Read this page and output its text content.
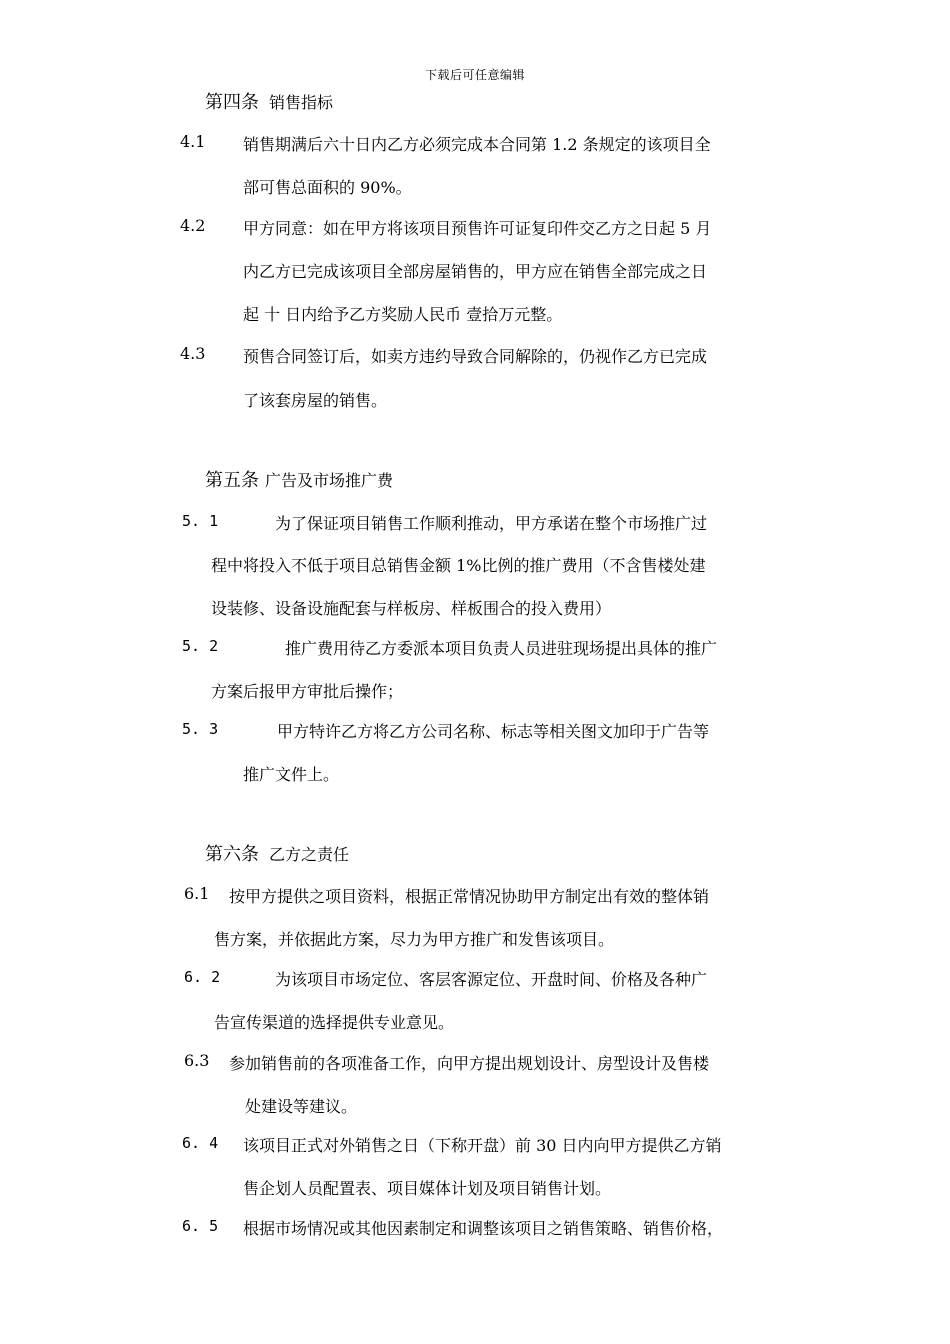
下载后可任意编辑
第四条 销售指标
4.1 销售期满后六十日内乙方必须完成本合同第 1.2 条规定的该项目全
部可售总面积的 90%。
4.2 甲方同意：如在甲方将该项目预售许可证复印件交乙方之日起 5 月
内乙方已完成该项目全部房屋销售的，甲方应在销售全部完成之日
起 十 日内给予乙方奖励人民币 壹拾万元整。
4.3 预售合同签订后，如卖方违约导致合同解除的，仍视作乙方已完成
了该套房屋的销售。
第五条 广告及市场推广费
5. 1	为了保证项目销售工作顺利推动，甲方承诺在整个市场推广过
程中将投入不低于项目总销售金额 1%比例的推广费用（不含售楼处建
设装修、设备设施配套与样板房、样板围合的投入费用）
5. 2	推广费用待乙方委派本项目负责人员进驻现场提出具体的推广
方案后报甲方审批后操作；
5. 3	甲方特许乙方将乙方公司名称、标志等相关图文加印于广告等
推广文件上。
第六条 乙方之责任
6.1 按甲方提供之项目资料，根据正常情况协助甲方制定出有效的整体销
售方案，并依据此方案，尽力为甲方推广和发售该项目。
6. 2	为该项目市场定位、客层客源定位、开盘时间、价格及各种广
告宣传渠道的选择提供专业意见。
6.3 参加销售前的各项准备工作，向甲方提出规划设计、房型设计及售楼
处建设等建议。
6. 4 该项目正式对外销售之日（下称开盘）前 30 日内向甲方提供乙方销
售企划人员配置表、项目媒体计划及项目销售计划。
6. 5 根据市场情况或其他因素制定和调整该项目之销售策略、销售价格，
